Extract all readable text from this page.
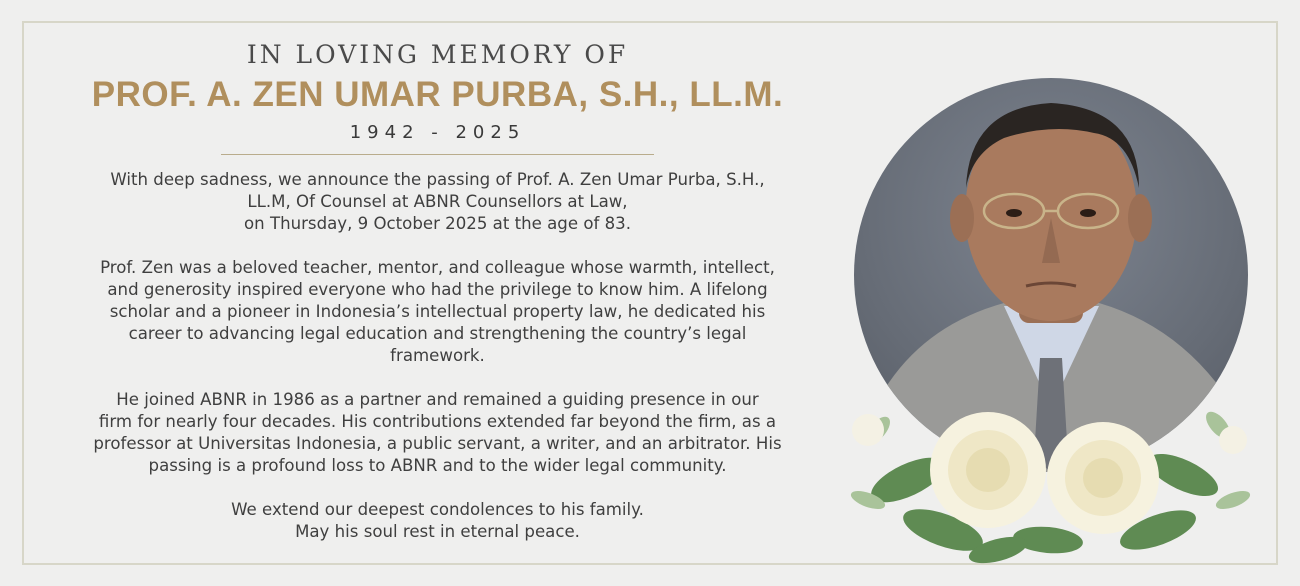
IN LOVING MEMORY OF

PROF. A. ZEN UMAR PURBA, S.H., LL.M.

1942 - 2025

With deep sadness, we announce the passing of Prof. A. Zen Umar Purba, S.H.,
LL.M, Of Counsel at ABNR Counsellors at Law,
on Thursday, 9 October 2025 at the age of 83.

Prof. Zen was a beloved teacher, mentor, and colleague whose warmth, intellect,
and generosity inspired everyone who had the privilege to know him. A lifelong
scholar and a pioneer in Indonesia’s intellectual property law, he dedicated his
career to advancing legal education and strengthening the country’s legal
framework.

He joined ABNR in 1986 as a partner and remained a guiding presence in our
firm for nearly four decades. His contributions extended far beyond the firm, as a
professor at Universitas Indonesia, a public servant, a writer, and an arbitrator. His
passing is a profound loss to ABNR and to the wider legal community.

We extend our deepest condolences to his family.
May his soul rest in eternal peace.
